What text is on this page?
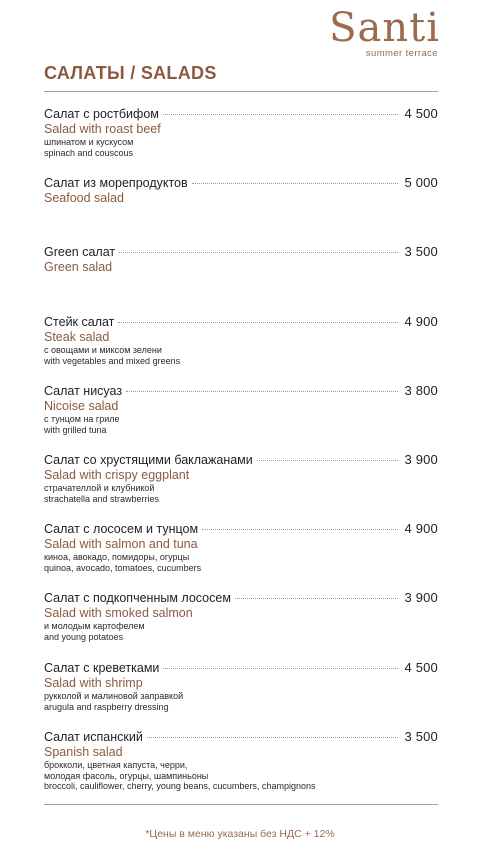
Santi
summer terrace
САЛАТЫ / SALADS
Салат с ростбифом	4 500
Salad with roast beef
шпинатом и кускусом
spinach and couscous
Салат из морепродуктов	5 000
Seafood salad
Green салат	3 500
Green salad
Стейк салат	4 900
Steak salad
с овощами и миксом зелени
with vegetables and mixed greens
Салат нисуаз	3 800
Nicoise salad
с тунцом на гриле
with grilled tuna
Салат со хрустящими баклажанами	3 900
Salad with crispy eggplant
страчателлой и клубникой
strachatella and strawberries
Салат с лососем и тунцом	4 900
Salad with salmon and tuna
киноа, авокадо, помидоры, огурцы
quinoa, avocado, tomatoes, cucumbers
Салат с подкопченным лососем	3 900
Salad with smoked salmon
и молодым картофелем
and young potatoes
Салат с креветками	4 500
Salad with shrimp
рукколой и малиновой заправкой
arugula and raspberry dressing
Салат испанский	3 500
Spanish salad
брокколи, цветная капуста, черри,
молодая фасоль, огурцы, шампиньоны
broccoli, cauliflower, cherry, young beans, cucumbers, champignons
*Цены в меню указаны без НДС + 12%
